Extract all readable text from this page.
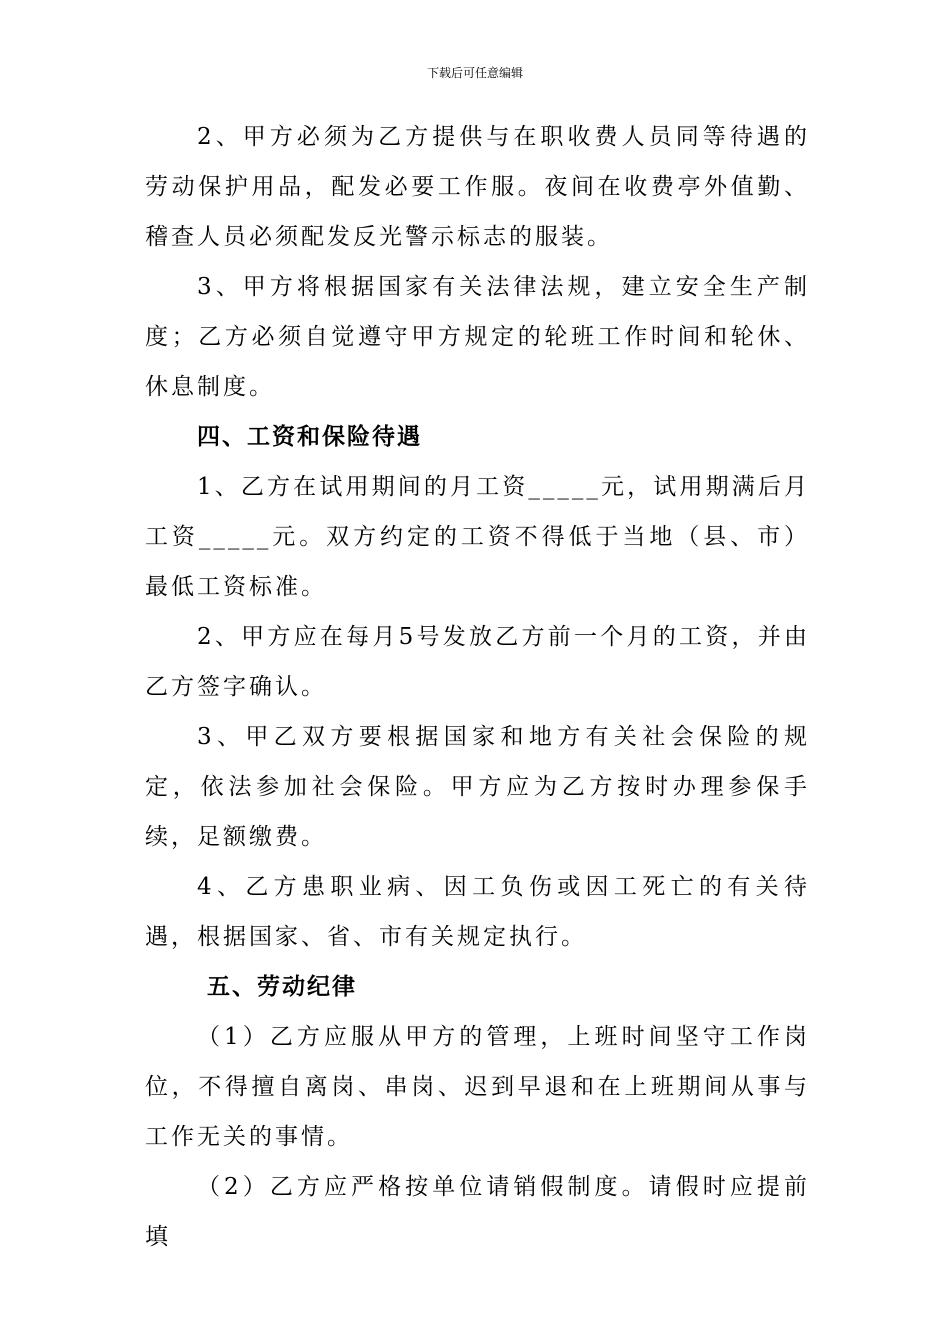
下载后可任意编辑

2、甲方必须为乙方提供与在职收费人员同等待遇的劳动保护用品，配发必要工作服。夜间在收费亭外值勤、稽查人员必须配发反光警示标志的服装。

3、甲方将根据国家有关法律法规，建立安全生产制度；乙方必须自觉遵守甲方规定的轮班工作时间和轮休、休息制度。

四、工资和保险待遇

1、乙方在试用期间的月工资_____元，试用期满后月工资_____元。双方约定的工资不得低于当地（县、市）最低工资标准。

2、甲方应在每月5号发放乙方前一个月的工资，并由乙方签字确认。

3、甲乙双方要根据国家和地方有关社会保险的规定，依法参加社会保险。甲方应为乙方按时办理参保手续，足额缴费。

4、乙方患职业病、因工负伤或因工死亡的有关待遇，根据国家、省、市有关规定执行。

五、劳动纪律

（1）乙方应服从甲方的管理，上班时间坚守工作岗位，不得擅自离岗、串岗、迟到早退和在上班期间从事与工作无关的事情。

（2）乙方应严格按单位请销假制度。请假时应提前填
